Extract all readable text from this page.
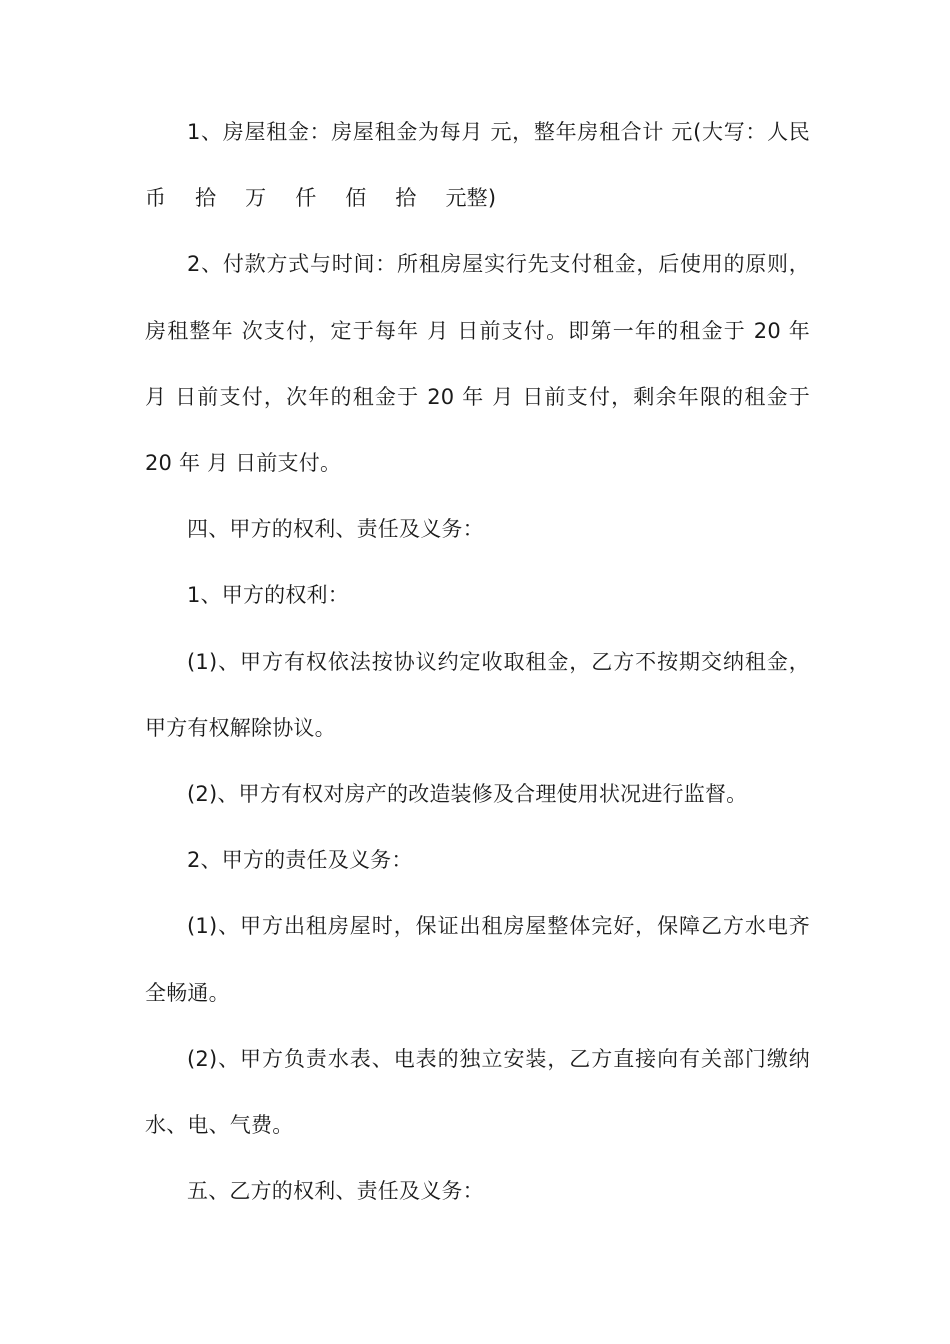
1、房屋租金：房屋租金为每月 元，整年房租合计 元(大写：人民
币 拾 万 仟 佰 拾 元整)
2、付款方式与时间：所租房屋实行先支付租金，后使用的原则，
房租整年 次支付，定于每年 月 日前支付。即第一年的租金于 20 年
月 日前支付，次年的租金于 20 年 月 日前支付，剩余年限的租金于
20 年 月 日前支付。
四、甲方的权利、责任及义务：
1、甲方的权利：
(1)、甲方有权依法按协议约定收取租金，乙方不按期交纳租金，
甲方有权解除协议。
(2)、甲方有权对房产的改造装修及合理使用状况进行监督。
2、甲方的责任及义务：
(1)、甲方出租房屋时，保证出租房屋整体完好，保障乙方水电齐
全畅通。
(2)、甲方负责水表、电表的独立安装，乙方直接向有关部门缴纳
水、电、气费。
五、乙方的权利、责任及义务：
